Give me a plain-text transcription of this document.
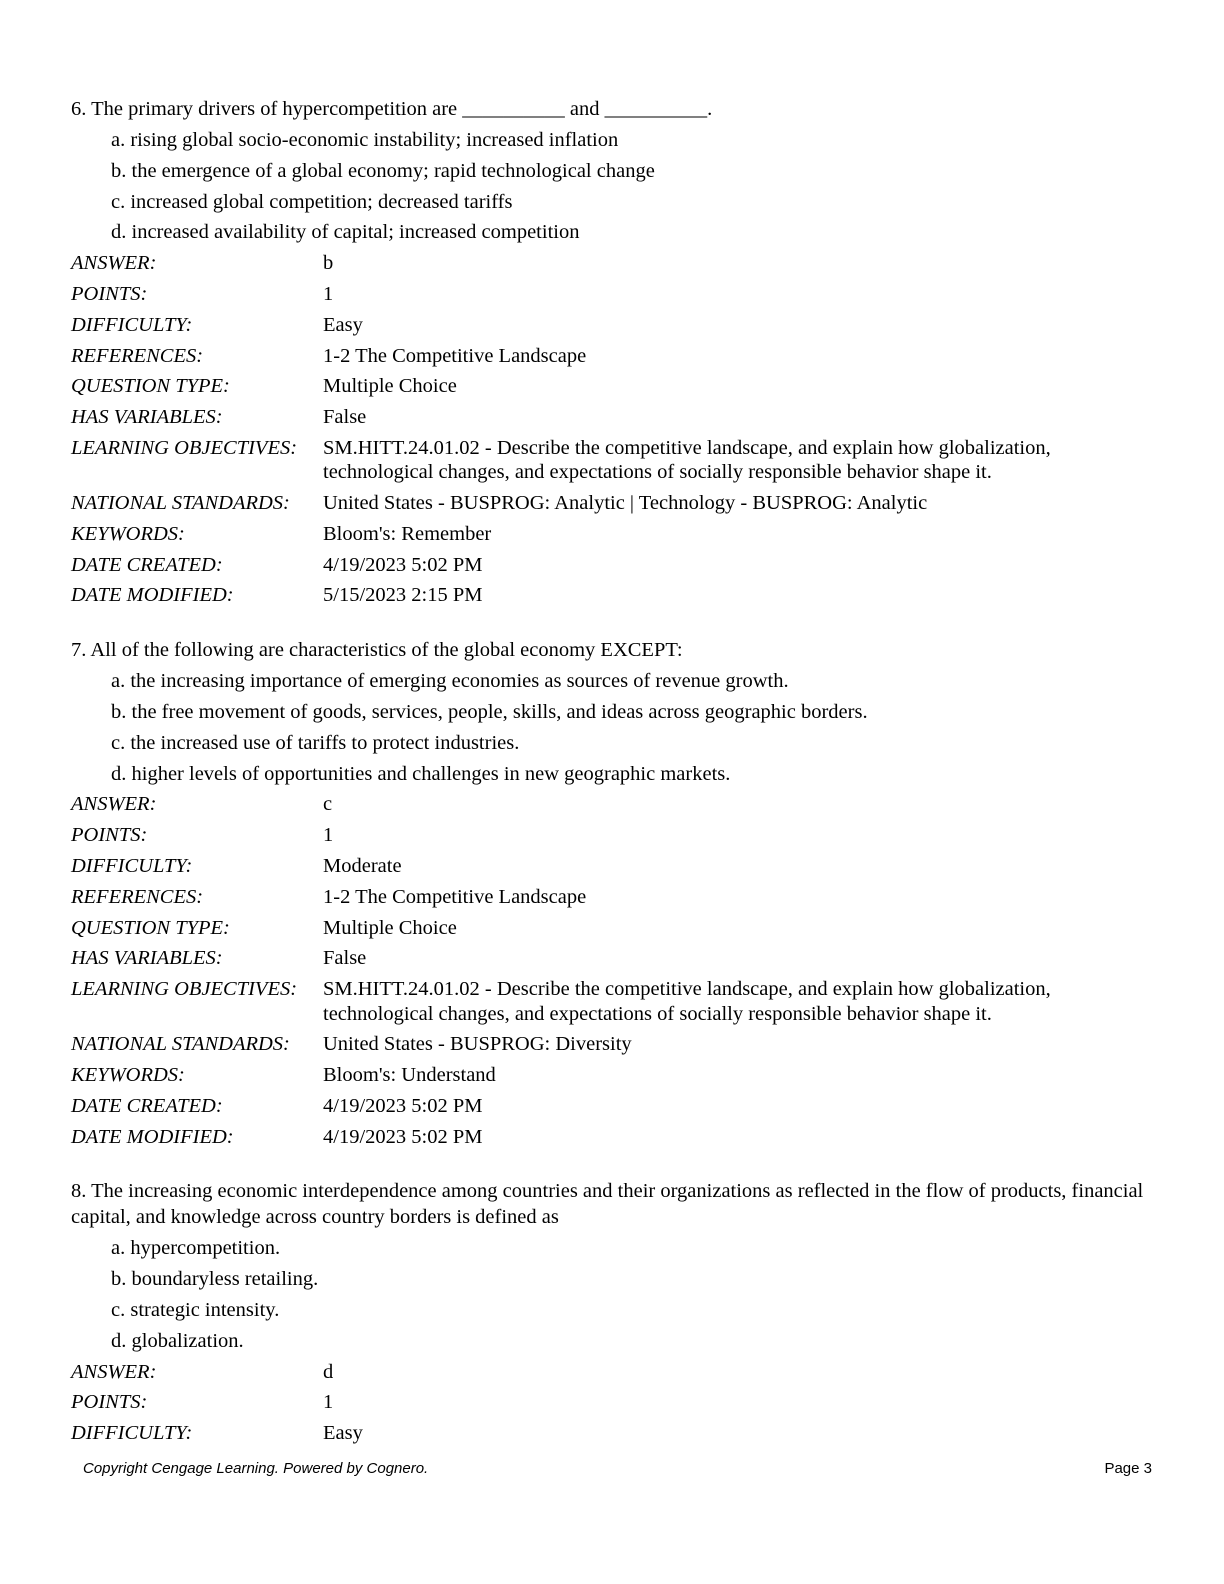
6. The primary drivers of hypercompetition are __________ and __________.
a. rising global socio-economic instability; increased inflation
b. the emergence of a global economy; rapid technological change
c. increased global competition; decreased tariffs
d. increased availability of capital; increased competition
ANSWER:	b
POINTS:	1
DIFFICULTY:	Easy
REFERENCES:	1-2 The Competitive Landscape
QUESTION TYPE:	Multiple Choice
HAS VARIABLES:	False
LEARNING OBJECTIVES:	SM.HITT.24.01.02 - Describe the competitive landscape, and explain how globalization, technological changes, and expectations of socially responsible behavior shape it.
NATIONAL STANDARDS:	United States - BUSPROG: Analytic | Technology - BUSPROG: Analytic
KEYWORDS:	Bloom's: Remember
DATE CREATED:	4/19/2023 5:02 PM
DATE MODIFIED:	5/15/2023 2:15 PM
7. All of the following are characteristics of the global economy EXCEPT:
a. the increasing importance of emerging economies as sources of revenue growth.
b. the free movement of goods, services, people, skills, and ideas across geographic borders.
c. the increased use of tariffs to protect industries.
d. higher levels of opportunities and challenges in new geographic markets.
ANSWER:	c
POINTS:	1
DIFFICULTY:	Moderate
REFERENCES:	1-2 The Competitive Landscape
QUESTION TYPE:	Multiple Choice
HAS VARIABLES:	False
LEARNING OBJECTIVES:	SM.HITT.24.01.02 - Describe the competitive landscape, and explain how globalization, technological changes, and expectations of socially responsible behavior shape it.
NATIONAL STANDARDS:	United States - BUSPROG: Diversity
KEYWORDS:	Bloom's: Understand
DATE CREATED:	4/19/2023 5:02 PM
DATE MODIFIED:	4/19/2023 5:02 PM
8. The increasing economic interdependence among countries and their organizations as reflected in the flow of products, financial capital, and knowledge across country borders is defined as
a. hypercompetition.
b. boundaryless retailing.
c. strategic intensity.
d. globalization.
ANSWER:	d
POINTS:	1
DIFFICULTY:	Easy
Copyright Cengage Learning. Powered by Cognero.	Page 3
